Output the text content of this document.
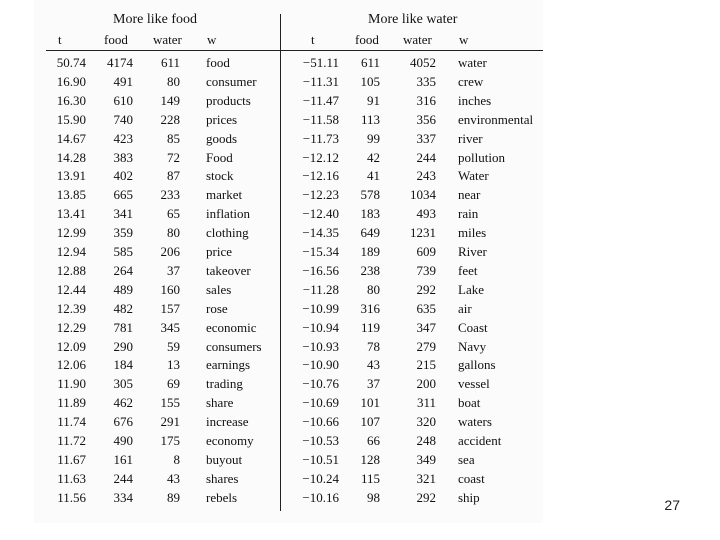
More like food	More like water
t	food water w	t	food water w
50.74	4174	611 food	−51.11	611	4052 water
16.90	491	80 consumer	−11.31	105	335 crew
16.30	610	149 products	−11.47	91	316 inches
15.90	740	228 prices	−11.58	113	356 environmental
14.67	423	85 goods	−11.73	99	337 river
14.28	383	72 Food	−12.12	42	244 pollution
13.91	402	87 stock	−12.16	41	243 Water
13.85	665	233 market	−12.23	578	1034 near
13.41	341	65 inflation	−12.40	183	493 rain
12.99	359	80 clothing	−14.35	649	1231 miles
12.94	585	206 price	−15.34	189	609 River
12.88	264	37 takeover	−16.56	238	739 feet
12.44	489	160 sales	−11.28	80	292 Lake
12.39	482	157 rose	−10.99	316	635 air
12.29	781	345 economic	−10.94	119	347 Coast
12.09	290	59 consumers	−10.93	78	279 Navy
12.06	184	13 earnings	−10.90	43	215 gallons
11.90	305	69 trading	−10.76	37	200 vessel
11.89	462	155 share	−10.69	101	311 boat
11.74	676	291 increase	−10.66	107	320 waters
11.72	490	175 economy	−10.53	66	248 accident
11.67	161	8 buyout	−10.51	128	349 sea
11.63	244	43 shares	−10.24	115	321 coast
11.56	334	89 rebels	−10.16	98	292 ship	27
